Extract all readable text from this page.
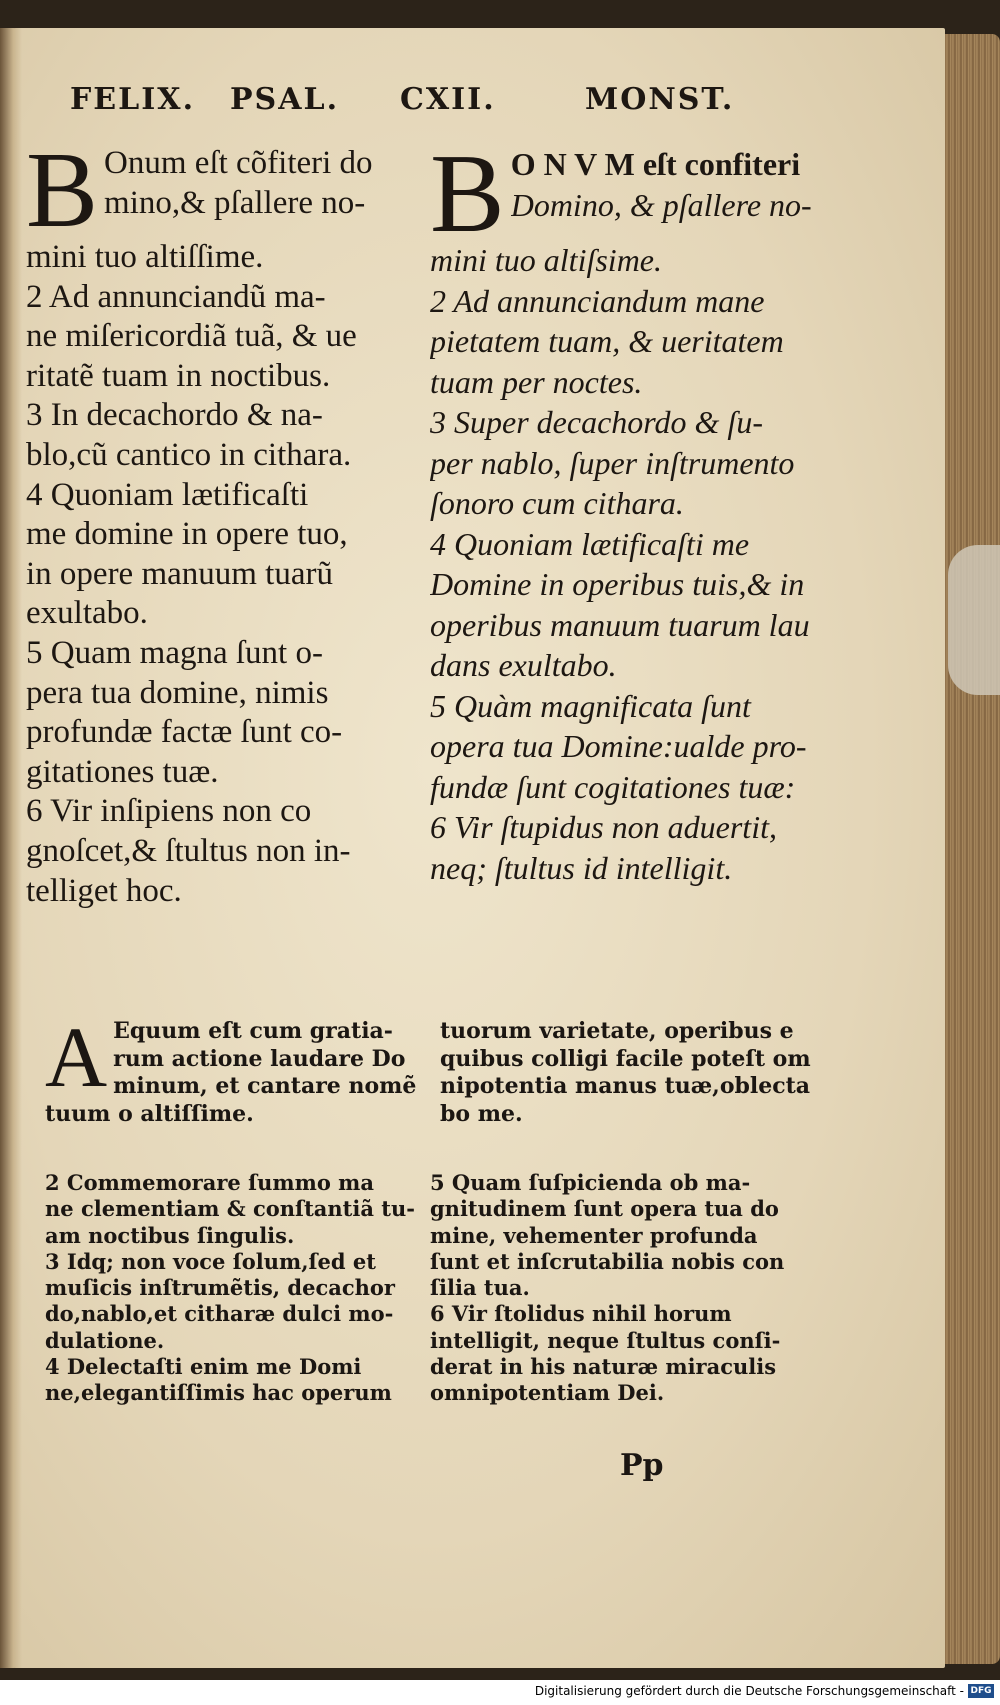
FELIX. PSAL. CXII.	MONST.
B Onum eſt cõfiteri do
mino,& pſallere no-
mini tuo altiſſime.
2 Ad annunciandũ ma-
ne miſericordiã tuã, & ue
ritatẽ tuam in noctibus.
3 In decachordo & na-
blo,cũ cantico in cithara.
4 Quoniam lætificaſti
me domine in opere tuo,
in opere manuum tuarũ
exultabo.
5 Quam magna ſunt o-
pera tua domine, nimis
profundæ factæ ſunt co-
gitationes tuæ.
6 Vir inſipiens non co
gnoſcet,& ſtultus non in-
telliget hoc.
B O N V M eſt confiteri
Domino, & pſallere no-
mini tuo altiſsime.
2 Ad annunciandum mane
pietatem tuam, & ueritatem
tuam per noctes.
3 Super decachordo & ſu-
per nablo, ſuper inſtrumento
ſonoro cum cithara.
4 Quoniam lætificaſti me
Domine in operibus tuis,& in
operibus manuum tuarum lau
dans exultabo.
5 Quàm magnificata ſunt
opera tua Domine:ualde pro-
fundæ ſunt cogitationes tuæ:
6 Vir ſtupidus non aduertit,
neq; ſtultus id intelligit.
A Equum eſt cum gratia-
rum actione laudare Do
minum, et cantare nomẽ
tuum o altiſſime.
tuorum varietate, operibus e
quibus colligi facile poteſt om
nipotentia manus tuæ,oblecta
bo me.
2 Commemorare ſummo ma
ne clementiam & conſtantiã tu-
am noctibus ſingulis.
3 Idq; non voce ſolum,ſed et
muſicis inſtrumẽtis, decachor
do,nablo,et citharæ dulci mo-
dulatione.
4 Delectaſti enim me Domi
ne,elegantiſſimis hac operum
5 Quam ſuſpicienda ob ma-
gnitudinem ſunt opera tua do
mine, vehementer profunda
ſunt et inſcrutabilia nobis con
ſilia tua.
6 Vir ſtolidus nihil horum
intelligit, neque ſtultus conſi-
derat in his naturæ miraculis
omnipotentiam Dei.
Pp
Digitalisierung gefördert durch die Deutsche Forschungsgemeinschaft - DFG
